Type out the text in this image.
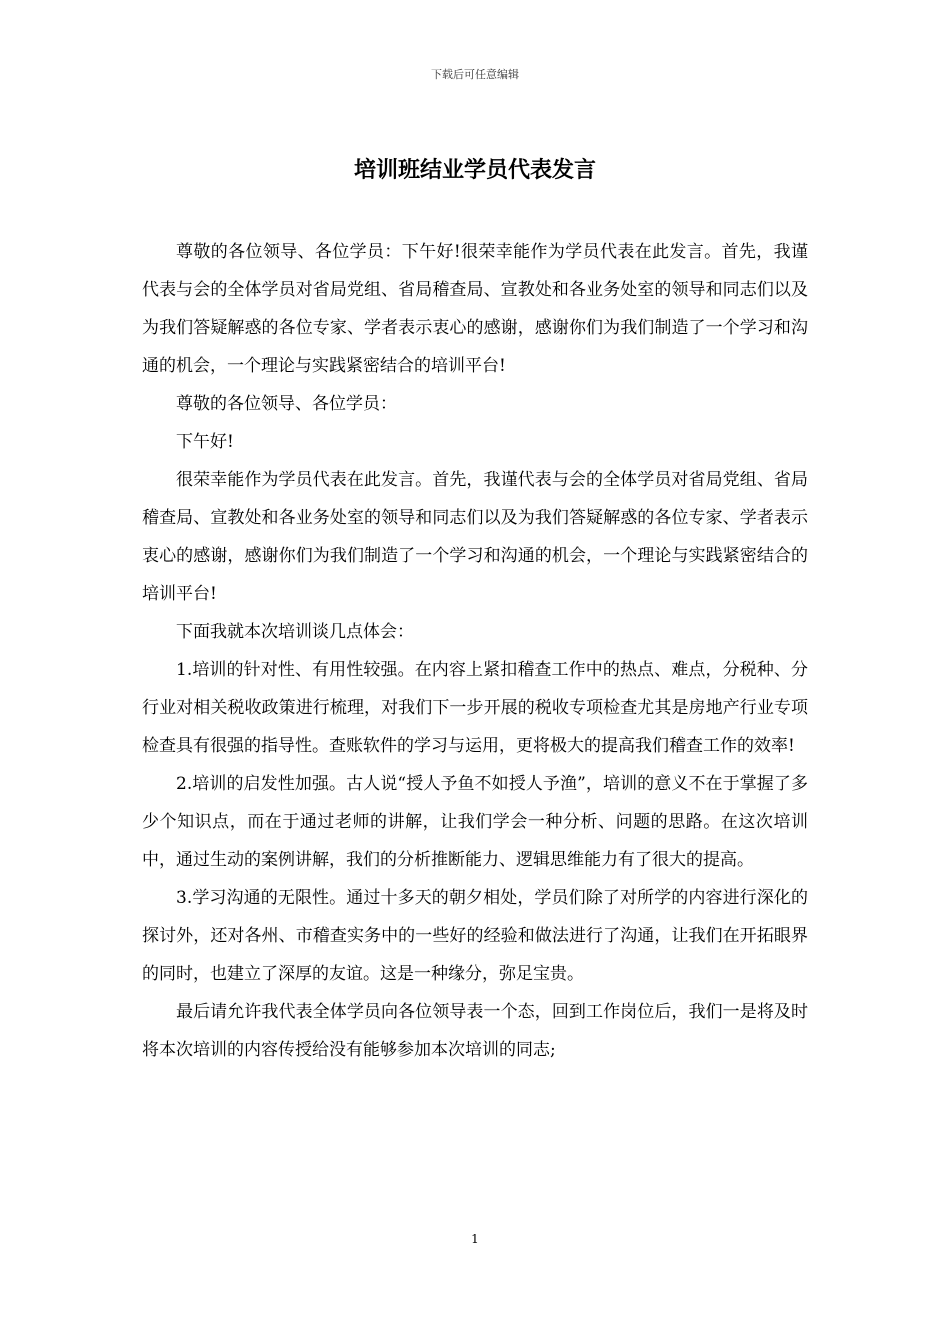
下载后可任意编辑
培训班结业学员代表发言

尊敬的各位领导、各位学员：下午好!很荣幸能作为学员代表在此发言。首先，我谨代表与会的全体学员对省局党组、省局稽查局、宣教处和各业务处室的领导和同志们以及为我们答疑解惑的各位专家、学者表示衷心的感谢，感谢你们为我们制造了一个学习和沟通的机会，一个理论与实践紧密结合的培训平台!

尊敬的各位领导、各位学员：

下午好!

很荣幸能作为学员代表在此发言。首先，我谨代表与会的全体学员对省局党组、省局稽查局、宣教处和各业务处室的领导和同志们以及为我们答疑解惑的各位专家、学者表示衷心的感谢，感谢你们为我们制造了一个学习和沟通的机会，一个理论与实践紧密结合的培训平台!

下面我就本次培训谈几点体会：

1.培训的针对性、有用性较强。在内容上紧扣稽查工作中的热点、难点，分税种、分行业对相关税收政策进行梳理，对我们下一步开展的税收专项检查尤其是房地产行业专项检查具有很强的指导性。查账软件的学习与运用，更将极大的提高我们稽查工作的效率!

2.培训的启发性加强。古人说“授人予鱼不如授人予渔”，培训的意义不在于掌握了多少个知识点，而在于通过老师的讲解，让我们学会一种分析、问题的思路。在这次培训中，通过生动的案例讲解，我们的分析推断能力、逻辑思维能力有了很大的提高。

3.学习沟通的无限性。通过十多天的朝夕相处，学员们除了对所学的内容进行深化的探讨外，还对各州、市稽查实务中的一些好的经验和做法进行了沟通，让我们在开拓眼界的同时，也建立了深厚的友谊。这是一种缘分，弥足宝贵。

最后请允许我代表全体学员向各位领导表一个态，回到工作岗位后，我们一是将及时将本次培训的内容传授给没有能够参加本次培训的同志;

1
